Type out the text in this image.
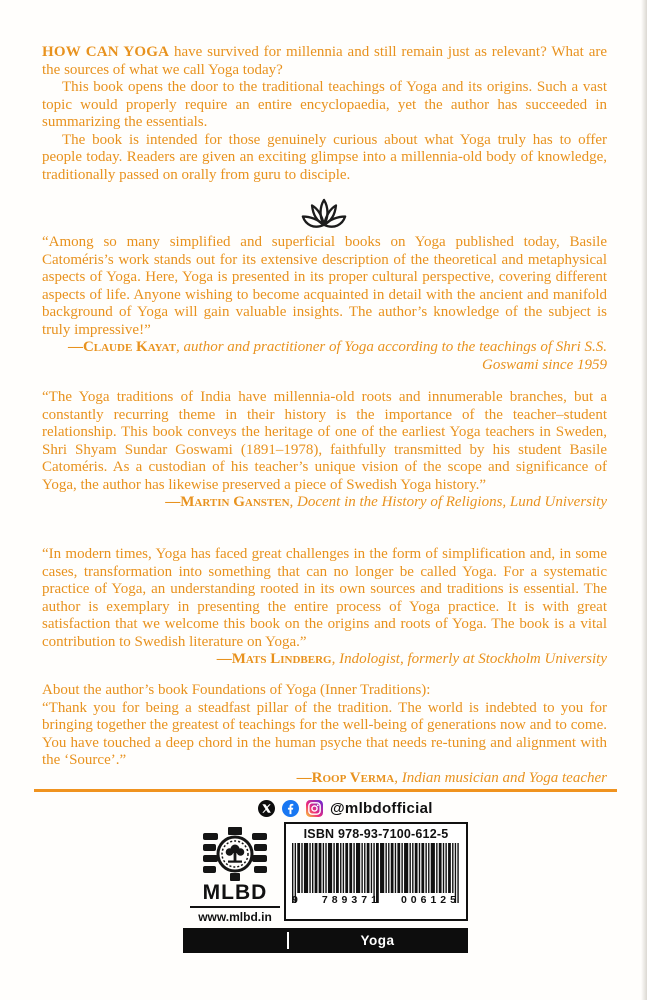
HOW CAN YOGA have survived for millennia and still remain just as relevant? What are the sources of what we call Yoga today?

This book opens the door to the traditional teachings of Yoga and its origins. Such a vast topic would properly require an entire encyclopaedia, yet the author has succeeded in summarizing the essentials.

The book is intended for those genuinely curious about what Yoga truly has to offer people today. Readers are given an exciting glimpse into a millennia-old body of knowledge, traditionally passed on orally from guru to disciple.

“Among so many simplified and superficial books on Yoga published today, Basile Catoméris’s work stands out for its extensive description of the theoretical and metaphysical aspects of Yoga. Here, Yoga is presented in its proper cultural perspective, covering different aspects of life. Anyone wishing to become acquainted in detail with the ancient and manifold background of Yoga will gain valuable insights. The author’s knowledge of the subject is truly impressive!”

—Claude Kayat, author and practitioner of Yoga according to the teachings of Shri S.S. Goswami since 1959

“The Yoga traditions of India have millennia-old roots and innumerable branches, but a constantly recurring theme in their history is the importance of the teacher–student relationship. This book conveys the heritage of one of the earliest Yoga teachers in Sweden, Shri Shyam Sundar Goswami (1891–1978), faithfully transmitted by his student Basile Catoméris. As a custodian of his teacher’s unique vision of the scope and significance of Yoga, the author has likewise preserved a piece of Swedish Yoga history.”

—Martin Gansten, Docent in the History of Religions, Lund University

“In modern times, Yoga has faced great challenges in the form of simplification and, in some cases, transformation into something that can no longer be called Yoga. For a systematic practice of Yoga, an understanding rooted in its own sources and traditions is essential. The author is exemplary in presenting the entire process of Yoga practice. It is with great satisfaction that we welcome this book on the origins and roots of Yoga. The book is a vital contribution to Swedish literature on Yoga.”

—Mats Lindberg, Indologist, formerly at Stockholm University

About the author’s book Foundations of Yoga (Inner Traditions):

“Thank you for being a steadfast pillar of the tradition. The world is indebted to you for bringing together the greatest of teachings for the well-being of generations now and to come. You have touched a deep chord in the human psyche that needs re-tuning and alignment with the ‘Source’.”

—Roop Verma, Indian musician and Yoga teacher

@mlbdofficial
MLBD
www.mlbd.in
ISBN 978-93-7100-612-5
9 789371 006125
Yoga
